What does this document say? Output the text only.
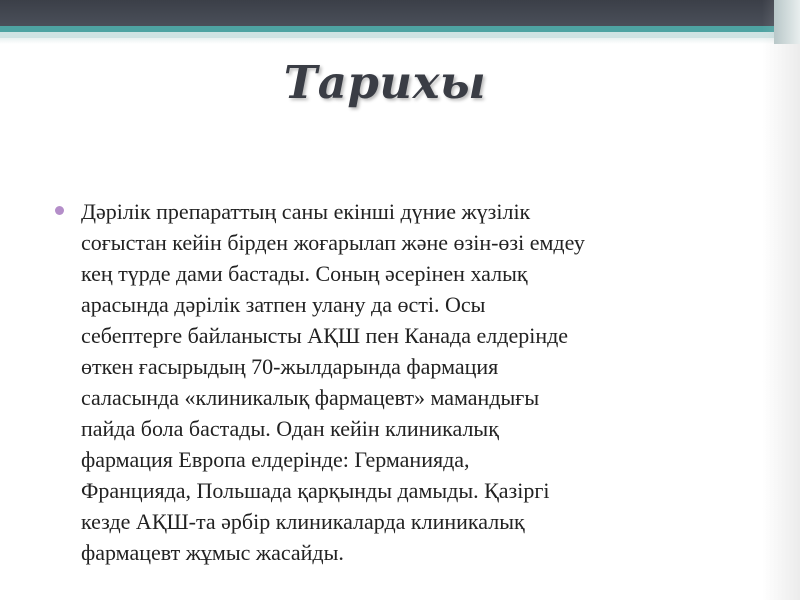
Тарихы

Дәрілік препараттың саны екінші дүние жүзілік
соғыстан кейін бірден жоғарылап және өзін-өзі емдеу
кең түрде дами бастады. Соның әсерінен халық
арасында дәрілік затпен улану да өсті. Осы
себептерге байланысты АҚШ пен Канада елдерінде
өткен ғасырыдың 70-жылдарында фармация
саласында «клиникалық фармацевт» мамандығы
пайда бола бастады. Одан кейін клиникалық
фармация Европа елдерінде: Германияда,
Францияда, Польшада қарқынды дамыды. Қазіргі
кезде АҚШ-та әрбір клиникаларда клиникалық
фармацевт жұмыс жасайды.
